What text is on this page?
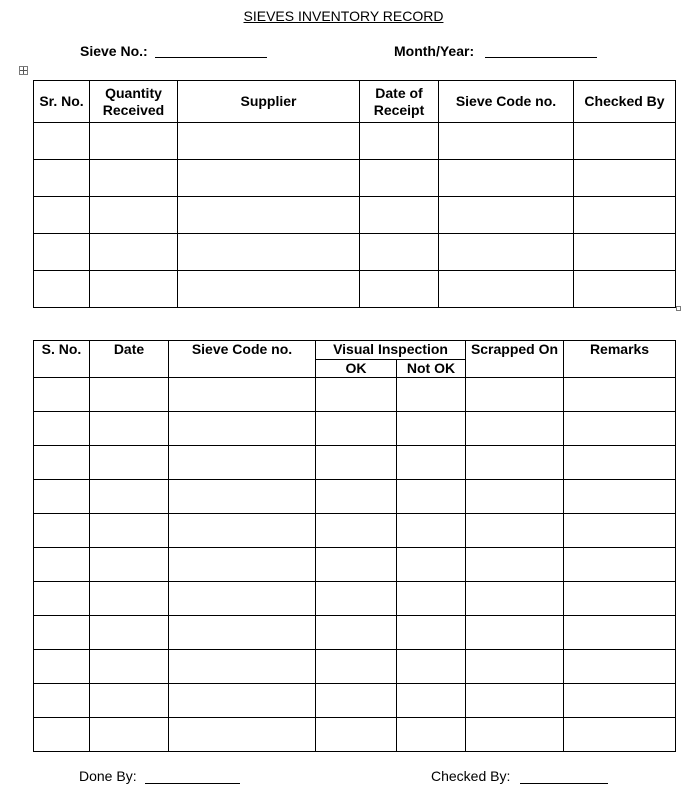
SIEVES INVENTORY RECORD
Sieve No.:	Month/Year:
Sr. No.	Quantity Received	Supplier	Date of Receipt	Sieve Code no.	Checked By

S. No.	Date	Sieve Code no.	Visual Inspection		Scrapped On	Remarks
			OK	Not OK		

Done By:	Checked By:
